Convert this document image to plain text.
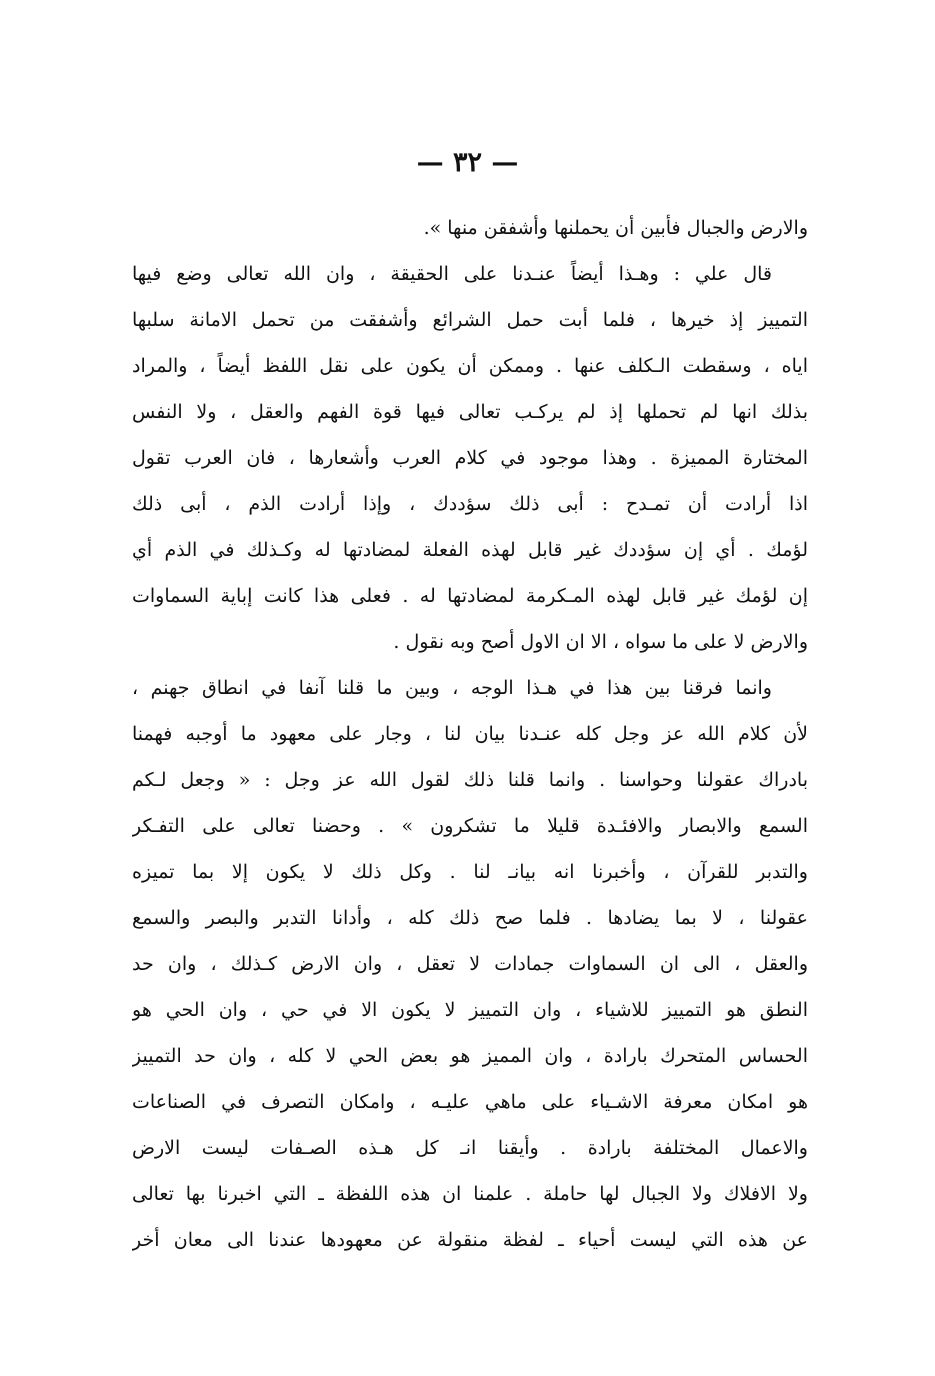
— ٣٢ —
والارض والجبال فأبين أن يحملنها وأشفقن منها ».
قال علي : وهـذا أيضاً عنـدنا على الحقيقة ، وان الله تعالى وضع فيها
التمييز إذ خيرها ، فلما أبت حمل الشرائع وأشفقت من تحمل الامانة سلبها
اياه ، وسقطت الـكلف عنها . وممكن أن يكون على نقل اللفظ أيضاً ، والمراد
بذلك انها لم تحملها إذ لم يركـب تعالى فيها قوة الفهم والعقل ، ولا النفس
المختارة المميزة . وهذا موجود في كلام العرب وأشعارها ، فان العرب تقول
اذا أرادت أن تمـدح : أبى ذلك سؤددك ، وإذا أرادت الذم ، أبى ذلك
لؤمك . أي إن سؤددك غير قابل لهذه الفعلة لمضادتها له وكـذلك في الذم أي
إن لؤمك غير قابل لهذه المـكرمة لمضادتها له . فعلى هذا كانت إباية السماوات
والارض لا على ما سواه ، الا ان الاول أصح وبه نقول .
وانما فرقنا بين هذا في هـذا الوجه ، وبين ما قلنا آنفا في انطاق جهنم ،
لأن كلام الله عز وجل كله عنـدنا بيان لنا ، وجار على معهود ما أوجبه فهمنا
بادراك عقولنا وحواسنا . وانما قلنا ذلك لقول الله عز وجل : « وجعل لـكم
السمع والابصار والافئـدة قليلا ما تشكرون » . وحضنا تعالى على التفـكر
والتدبر للقرآن ، وأخبرنا انه بيانـ لنا . وكل ذلك لا يكون إلا بما تميزه
عقولنا ، لا بما يضادها . فلما صح ذلك كله ، وأدانا التدبر والبصر والسمع
والعقل ، الى ان السماوات جمادات لا تعقل ، وان الارض كـذلك ، وان حد
النطق هو التمييز للاشياء ، وان التمييز لا يكون الا في حي ، وان الحي هو
الحساس المتحرك بارادة ، وان المميز هو بعض الحي لا كله ، وان حد التمييز
هو امكان معرفة الاشـياء على ماهي عليـه ، وامكان التصرف في الصناعات
والاعمال المختلفة بارادة . وأيقنا انـ كل هـذه الصـفات ليست الارض
ولا الافلاك ولا الجبال لها حاملة . علمنا ان هذه اللفظة ـ التي اخبرنا بها تعالى
عن هذه التي ليست أحياء ـ لفظة منقولة عن معهودها عندنا الى معان أخر
